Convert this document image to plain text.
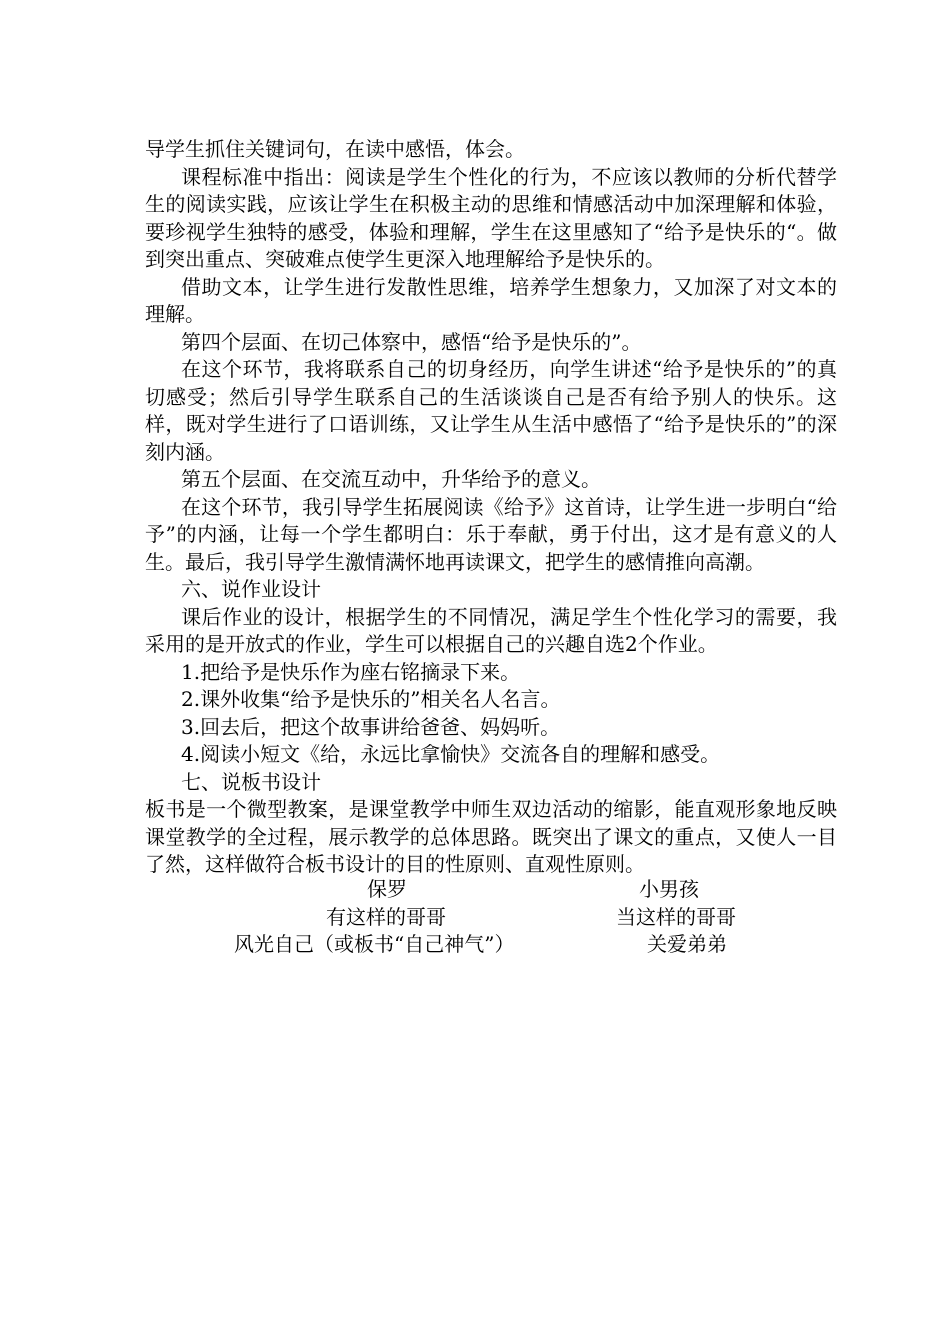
导学生抓住关键词句，在读中感悟，体会。

课程标准中指出：阅读是学生个性化的行为，不应该以教师的分析代替学生的阅读实践，应该让学生在积极主动的思维和情感活动中加深理解和体验，要珍视学生独特的感受，体验和理解，学生在这里感知了“给予是快乐的“。做到突出重点、突破难点使学生更深入地理解给予是快乐的。

借助文本，让学生进行发散性思维，培养学生想象力，又加深了对文本的理解。

第四个层面、在切己体察中，感悟“给予是快乐的”。

在这个环节，我将联系自己的切身经历，向学生讲述“给予是快乐的”的真切感受；然后引导学生联系自己的生活谈谈自己是否有给予别人的快乐。这样，既对学生进行了口语训练，又让学生从生活中感悟了“给予是快乐的”的深刻内涵。

第五个层面、在交流互动中，升华给予的意义。

在这个环节，我引导学生拓展阅读《给予》这首诗，让学生进一步明白“给予”的内涵，让每一个学生都明白：乐于奉献，勇于付出，这才是有意义的人生。最后，我引导学生激情满怀地再读课文，把学生的感情推向高潮。

六、说作业设计

课后作业的设计，根据学生的不同情况，满足学生个性化学习的需要，我采用的是开放式的作业，学生可以根据自己的兴趣自选2个作业。

1.把给予是快乐作为座右铭摘录下来。

2.课外收集“给予是快乐的”相关名人名言。

3.回去后，把这个故事讲给爸爸、妈妈听。

4.阅读小短文《给，永远比拿愉快》交流各自的理解和感受。

七、说板书设计

板书是一个微型教案，是课堂教学中师生双边活动的缩影，能直观形象地反映课堂教学的全过程，展示教学的总体思路。既突出了课文的重点，又使人一目了然，这样做符合板书设计的目的性原则、直观性原则。

保罗	小男孩
有这样的哥哥	当这样的哥哥
风光自己（或板书“自己神气”）	关爱弟弟
